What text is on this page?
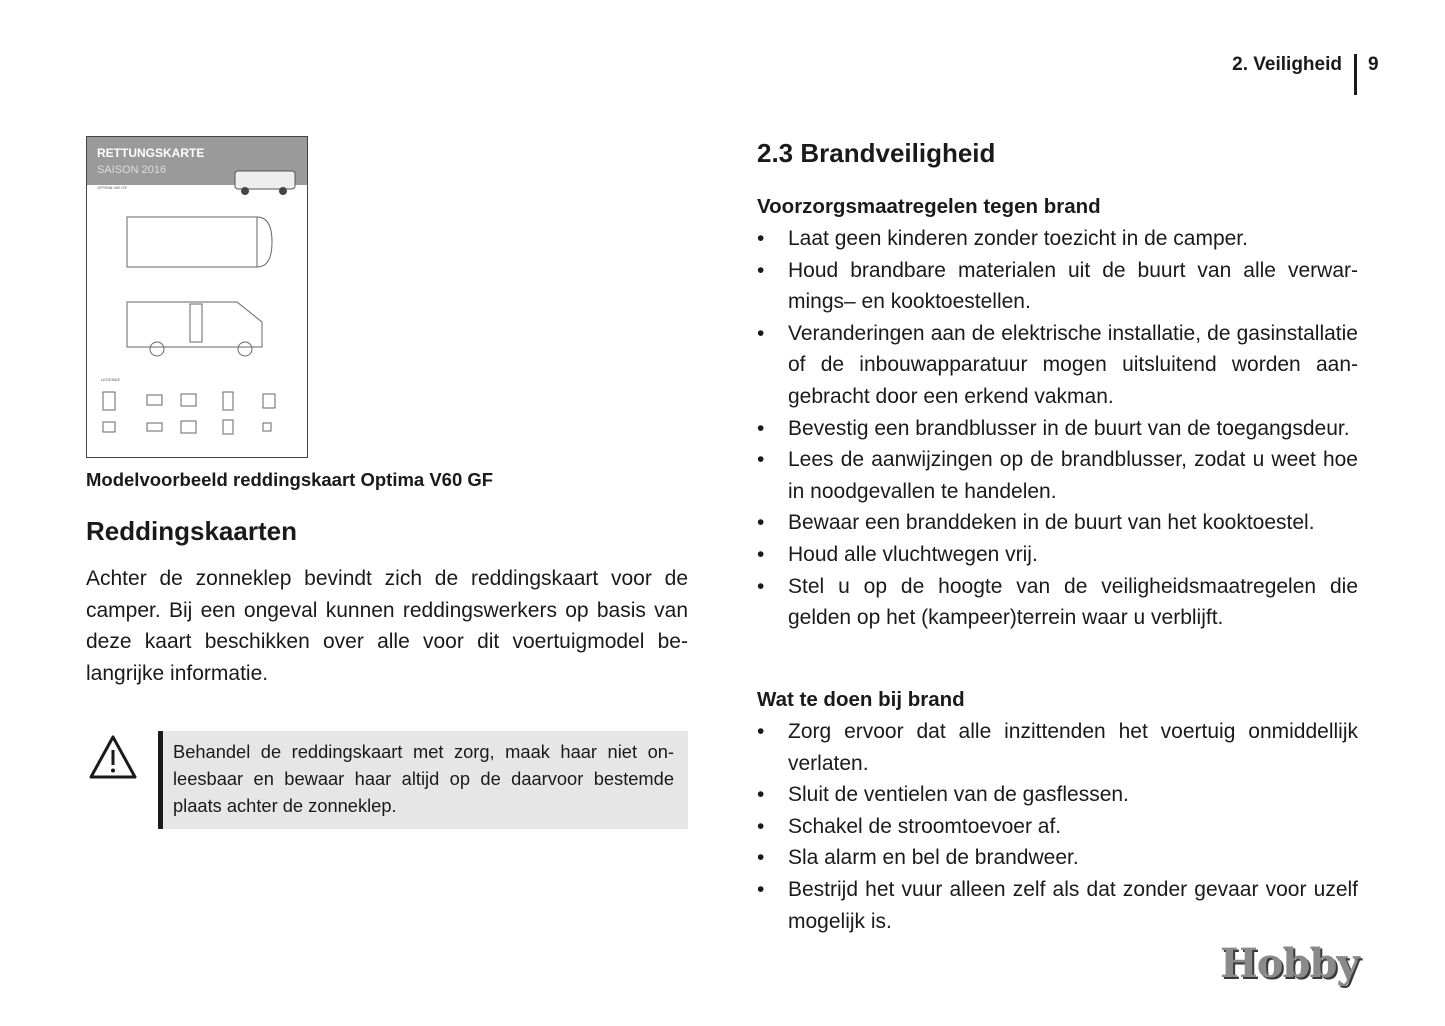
2. Veiligheid 9
RETTUNGSKARTE
SAISON 2016
OPTIMA V60 GF
LEGENDE
Modelvoorbeeld reddingskaart Optima V60 GF
Reddingskaarten

Achter de zonneklep bevindt zich de reddingskaart voor de camper. Bij een ongeval kunnen reddingswerkers op basis van deze kaart beschikken over alle voor dit voertuigmodel belangrijke informatie.

Behandel de reddingskaart met zorg, maak haar niet onleesbaar en bewaar haar altijd op de daarvoor bestemde plaats achter de zonneklep.
2.3 Brandveiligheid
Voorzorgsmaatregelen tegen brand
• Laat geen kinderen zonder toezicht in de camper.
• Houd brandbare materialen uit de buurt van alle verwarmings– en kooktoestellen.
• Veranderingen aan de elektrische installatie, de gasinstallatie of de inbouwapparatuur mogen uitsluitend worden aangebracht door een erkend vakman.
• Bevestig een brandblusser in de buurt van de toegangsdeur.
• Lees de aanwijzingen op de brandblusser, zodat u weet hoe in noodgevallen te handelen.
• Bewaar een branddeken in de buurt van het kooktoestel.
• Houd alle vluchtwegen vrij.
• Stel u op de hoogte van de veiligheidsmaatregelen die gelden op het (kampeer)terrein waar u verblijft.
Wat te doen bij brand
• Zorg ervoor dat alle inzittenden het voertuig onmiddellijk verlaten.
• Sluit de ventielen van de gasflessen.
• Schakel de stroomtoevoer af.
• Sla alarm en bel de brandweer.
• Bestrijd het vuur alleen zelf als dat zonder gevaar voor uzelf mogelijk is.
Hobby
